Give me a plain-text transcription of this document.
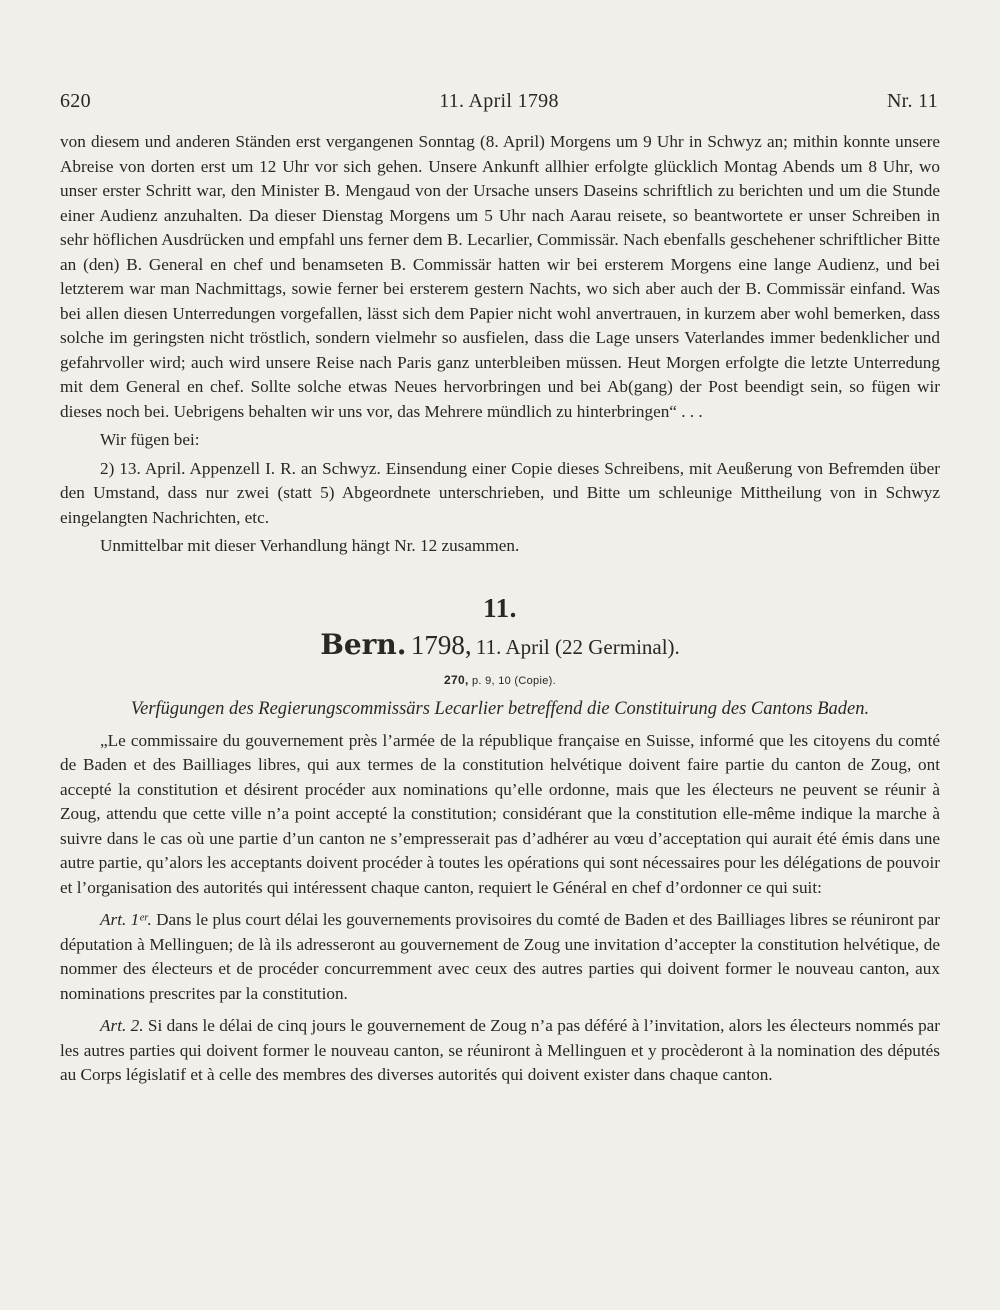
620	11. April 1798	Nr. 11

von diesem und anderen Ständen erst vergangenen Sonntag (8. April) Morgens um 9 Uhr in Schwyz an; mithin konnte unsere Abreise von dorten erst um 12 Uhr vor sich gehen. Unsere Ankunft allhier erfolgte glücklich Montag Abends um 8 Uhr, wo unser erster Schritt war, den Minister B. Mengaud von der Ursache unsers Daseins schriftlich zu berichten und um die Stunde einer Audienz anzuhalten. Da dieser Dienstag Morgens um 5 Uhr nach Aarau reisete, so beantwortete er unser Schreiben in sehr höflichen Ausdrücken und empfahl uns ferner dem B. Lecarlier, Commissär. Nach ebenfalls geschehener schriftlicher Bitte an (den) B. General en chef und benamseten B. Commissär hatten wir bei ersterem Morgens eine lange Audienz, und bei letzterem war man Nachmittags, sowie ferner bei ersterem gestern Nachts, wo sich aber auch der B. Commissär einfand. Was bei allen diesen Unterredungen vorgefallen, lässt sich dem Papier nicht wohl anvertrauen, in kurzem aber wohl bemerken, dass solche im geringsten nicht tröstlich, sondern vielmehr so ausfielen, dass die Lage unsers Vaterlandes immer bedenklicher und gefahrvoller wird; auch wird unsere Reise nach Paris ganz unterbleiben müssen. Heut Morgen erfolgte die letzte Unterredung mit dem General en chef. Sollte solche etwas Neues hervorbringen und bei Ab(gang) der Post beendigt sein, so fügen wir dieses noch bei. Uebrigens behalten wir uns vor, das Mehrere mündlich zu hinterbringen“ . . .

Wir fügen bei:

2) 13. April. Appenzell I. R. an Schwyz. Einsendung einer Copie dieses Schreibens, mit Aeußerung von Befremden über den Umstand, dass nur zwei (statt 5) Abgeordnete unterschrieben, und Bitte um schleunige Mittheilung von in Schwyz eingelangten Nachrichten, etc.

Unmittelbar mit dieser Verhandlung hängt Nr. 12 zusammen.

11.
Bern. 1798, 11. April (22 Germinal).
270, p. 9, 10 (Copie).
Verfügungen des Regierungscommissärs Lecarlier betreffend die Constituirung des Cantons Baden.

„Le commissaire du gouvernement près l’armée de la république française en Suisse, informé que les citoyens du comté de Baden et des Bailliages libres, qui aux termes de la constitution helvétique doivent faire partie du canton de Zoug, ont accepté la constitution et désirent procéder aux nominations qu’elle ordonne, mais que les électeurs ne peuvent se réunir à Zoug, attendu que cette ville n’a point accepté la constitution; considérant que la constitution elle-même indique la marche à suivre dans le cas où une partie d’un canton ne s’empresserait pas d’adhérer au vœu d’acceptation qui aurait été émis dans une autre partie, qu’alors les acceptants doivent procéder à toutes les opérations qui sont nécessaires pour les délégations de pouvoir et l’organisation des autorités qui intéressent chaque canton, requiert le Général en chef d’ordonner ce qui suit:

Art. 1ᵉʳ. Dans le plus court délai les gouvernements provisoires du comté de Baden et des Bailliages libres se réuniront par députation à Mellinguen; de là ils adresseront au gouvernement de Zoug une invitation d’accepter la constitution helvétique, de nommer des électeurs et de procéder concurremment avec ceux des autres parties qui doivent former le nouveau canton, aux nominations prescrites par la constitution.

Art. 2. Si dans le délai de cinq jours le gouvernement de Zoug n’a pas déféré à l’invitation, alors les électeurs nommés par les autres parties qui doivent former le nouveau canton, se réuniront à Mellinguen et y procèderont à la nomination des députés au Corps législatif et à celle des membres des diverses autorités qui doivent exister dans chaque canton.
